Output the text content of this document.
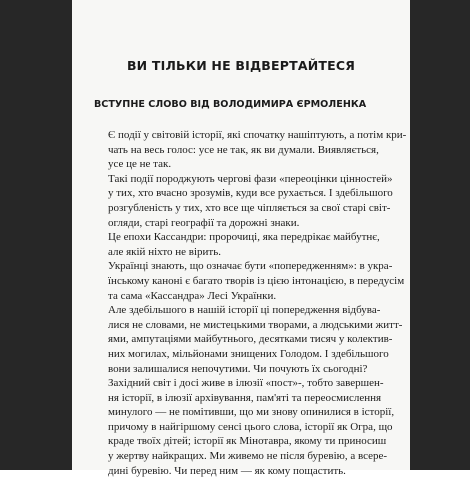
ВИ ТІЛЬКИ НЕ ВІДВЕРТАЙТЕСЯ
ВСТУПНЕ СЛОВО ВІД ВОЛОДИМИРА ЄРМОЛЕНКА

Є події у світовій історії, які спочатку нашіптують, а потім кри-
чать на весь голос: усе не так, як ви думали. Виявляється,
усе це не так.

Такі події породжують чергові фази «переоцінки цінностей»
у тих, хто вчасно зрозумів, куди все рухається. І здебільшого
розгубленість у тих, хто все ще чіпляється за свої старі світ-
огляди, старі географії та дорожні знаки.

Це епохи Кассандри: пророчиці, яка передрікає майбутнє,
але якій ніхто не вірить.

Українці знають, що означає бути «попередженням»: в укра-
їнському каноні є багато творів із цією інтонацією, в передусім
та сама «Кассандра» Лесі Українки.

Але здебільшого в нашій історії ці попередження відбува-
лися не словами, не мистецькими творами, а людськими житт-
ями, ампутаціями майбутнього, десятками тисяч у колектив-
них могилах, мільйонами знищених Голодом. І здебільшого
вони залишалися непочутими. Чи почують їх сьогодні?

Західний світ і досі живе в ілюзії «пост»-, тобто завершен-
ня історії, в ілюзії архівування, пам'яті та переосмислення
минулого — не помітивши, що ми знову опинилися в історії,
причому в найгіршому сенсі цього слова, історії як Огра, що
краде твоїх дітей; історії як Мінотавра, якому ти приносиш
у жертву найкращих. Ми живемо не після буревію, а всере-
дині буревію. Чи перед ним — як кому пощастить.
